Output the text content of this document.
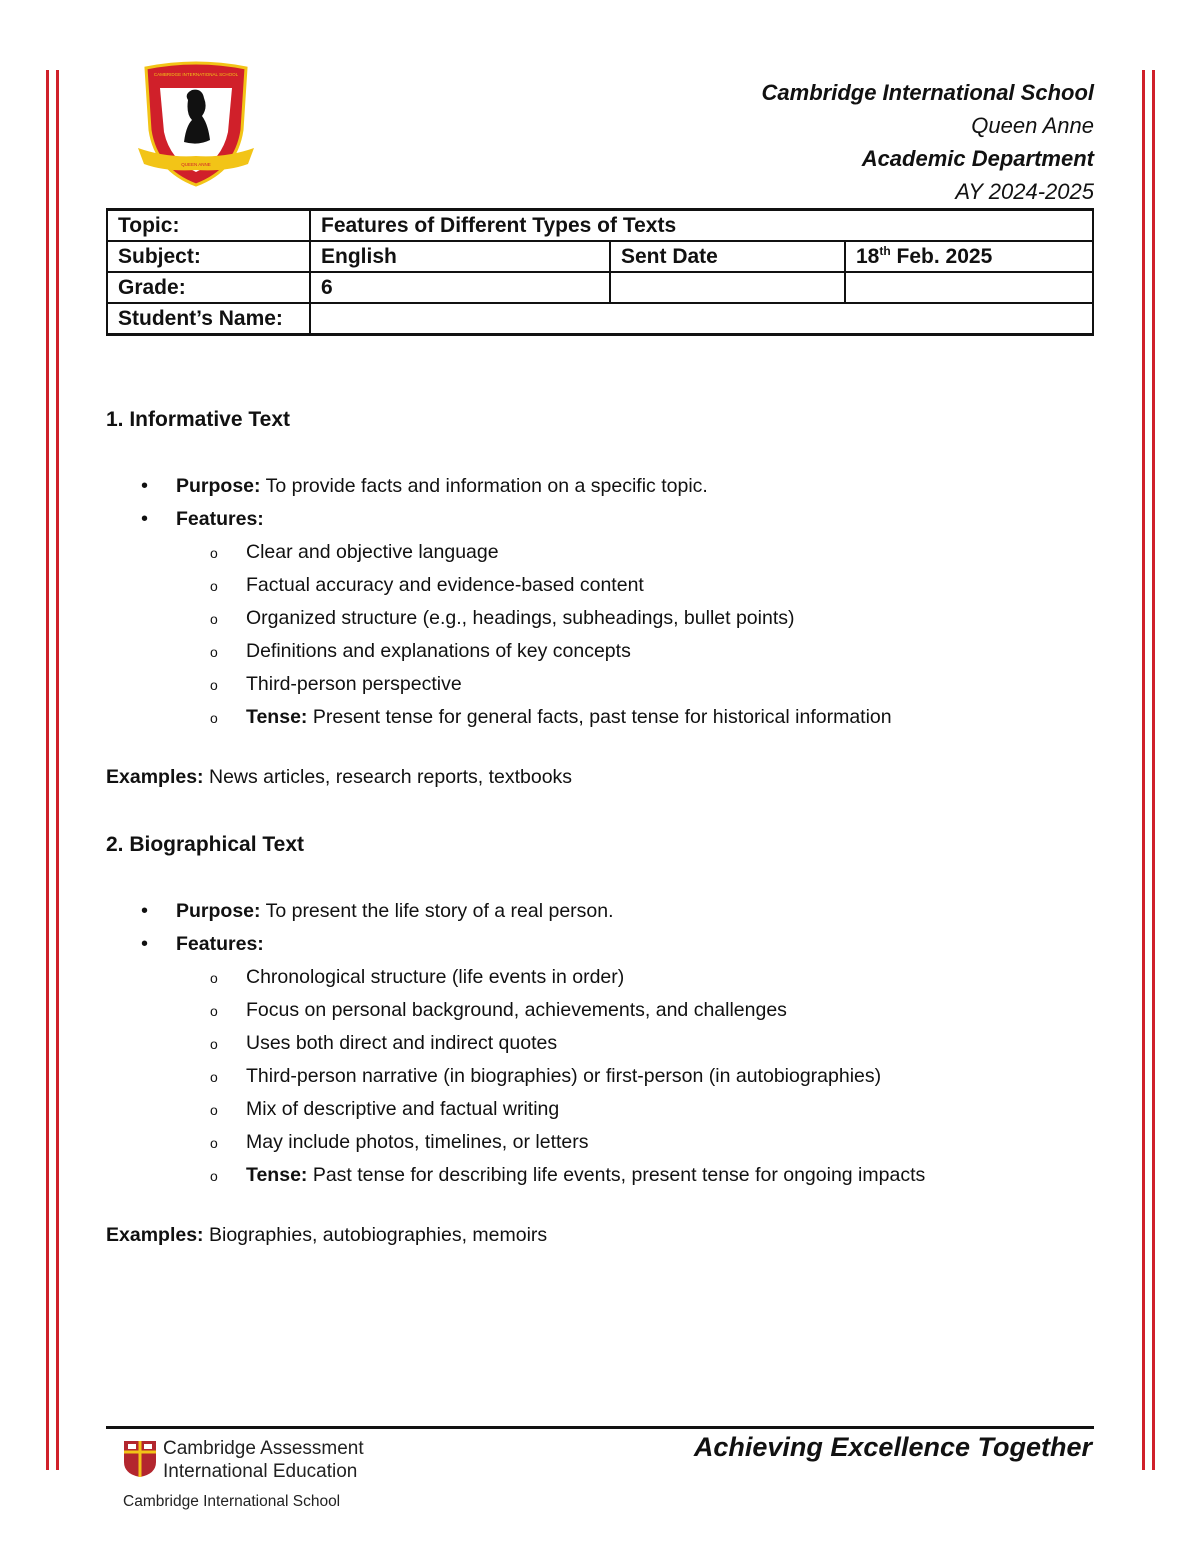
CAMBRIDGE INTERNATIONAL SCHOOL
QUEEN ANNE
Cambridge International School
Queen Anne
Academic Department
AY 2024-2025
Topic:	Features of Different Types of Texts		
Subject:	English	Sent Date	18th Feb. 2025
Grade:	6		
Student’s Name:			
1. Informative Text
• Purpose: To provide facts and information on a specific topic.
• Features:
o Clear and objective language
o Factual accuracy and evidence-based content
o Organized structure (e.g., headings, subheadings, bullet points)
o Definitions and explanations of key concepts
o Third-person perspective
o Tense: Present tense for general facts, past tense for historical information
Examples: News articles, research reports, textbooks
2. Biographical Text
• Purpose: To present the life story of a real person.
• Features:
o Chronological structure (life events in order)
o Focus on personal background, achievements, and challenges
o Uses both direct and indirect quotes
o Third-person narrative (in biographies) or first-person (in autobiographies)
o Mix of descriptive and factual writing
o May include photos, timelines, or letters
o Tense: Past tense for describing life events, present tense for ongoing impacts
Examples: Biographies, autobiographies, memoirs
Cambridge Assessment
International Education
Cambridge International School
Achieving Excellence Together
